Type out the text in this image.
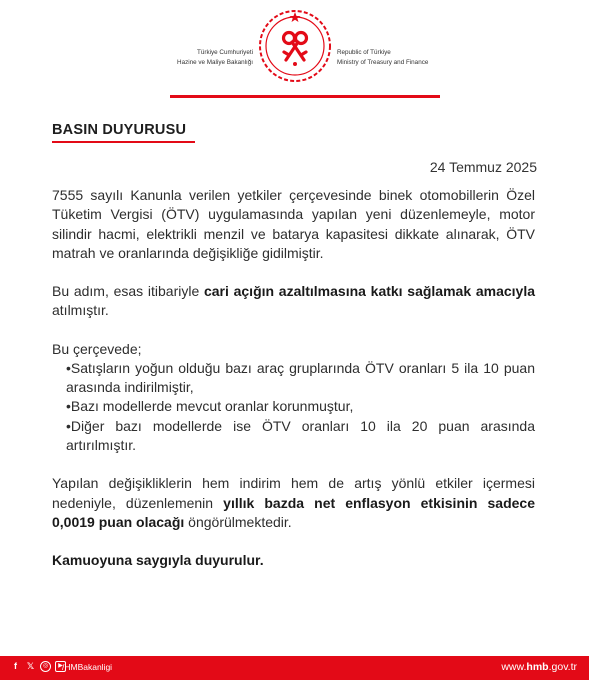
Türkiye Cumhuriyeti
Hazine ve Maliye Bakanlığı
Republic of Türkiye
Ministry of Treasury and Finance
BASIN DUYURUSU
24 Temmuz 2025

7555 sayılı Kanunla verilen yetkiler çerçevesinde binek otomobillerin Özel Tüketim Vergisi (ÖTV) uygulamasında yapılan yeni düzenlemeyle, motor silindir hacmi, elektrikli menzil ve batarya kapasitesi dikkate alınarak, ÖTV matrah ve oranlarında değişikliğe gidilmiştir.

Bu adım, esas itibariyle cari açığın azaltılmasına katkı sağlamak amacıyla atılmıştır.

Bu çerçevede;

•Satışların yoğun olduğu bazı araç gruplarında ÖTV oranları 5 ila 10 puan arasında indirilmiştir,

•Bazı modellerde mevcut oranlar korunmuştur,

•Diğer bazı modellerde ise ÖTV oranları 10 ila 20 puan arasında artırılmıştır.

Yapılan değişikliklerin hem indirim hem de artış yönlü etkiler içermesi nedeniyle, düzenlemenin yıllık bazda net enflasyon etkisinin sadece 0,0019 puan olacağı öngörülmektedir.

Kamuoyuna saygıyla duyurulur.

f	𝕏	◎	▶ /HMBakanligi	www.hmb.gov.tr
